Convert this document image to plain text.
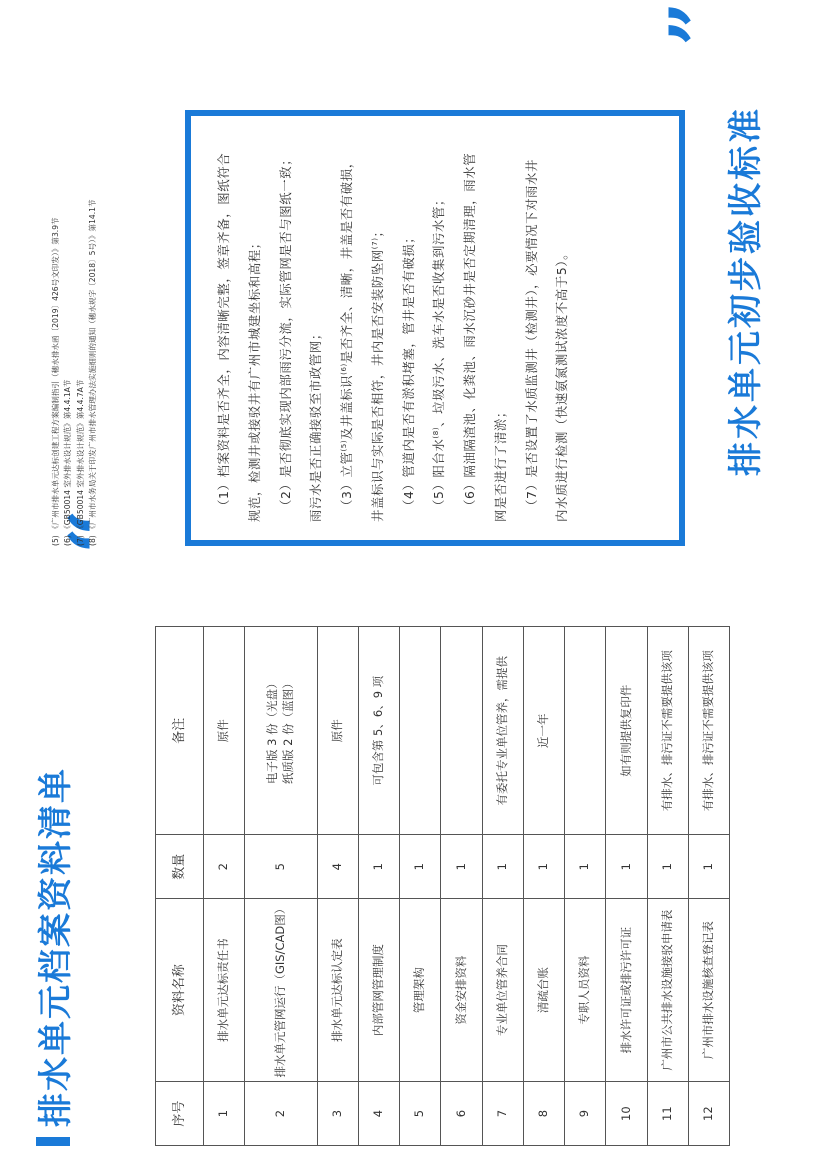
排水单元档案资料清单	序号	资料名称	数量	备注
1	排水单元达标责任书	2	原件

2	排水单元管网运行（GIS/CAD图）	5	电子版 3 份（光盘） 纸质版 2 份（蓝图）

3	排水单元达标认定表	4	原件

4	内部管网管理制度	1	可包含第 5、6、9 项

5	管理架构	1	

6	资金安排资料	1	

7	专业单位管养合同	1	有委托专业单位管养，需提供

8	清疏台账	1	近一年

9	专职人员资料	1	

10	排水许可证或排污许可证	1	如有则提供复印件

11	广州市公共排水设施接驳申请表	1	有排水、排污证不需要提供该项

12	广州市排水设施核查登记表	1	有排水、排污证不需要提供该项
“
排水单元初步验收标准
”

（1）档案资料是否齐全，内容清晰完整，签章齐备，图纸符合	规范，检测井或接驳井有广州市城建坐标和高程；	（2）是否彻底实现内部雨污分流，实际管网是否与图纸一致；	雨污水是否正确接驳至市政管网；	（3）立管$^{(5)}$及井盖标识$^{(6)}$是否齐全、清晰，井盖是否有破损，	井盖标识与实际是否相符，井内是否安装防坠网$^{(7)}$；	（4）管道内是否有淤积堵塞，管井是否有破损；	（5）阳台水$^{(8)}$、垃圾污水、洗车水是否收集到污水管；	（6）隔油隔渣池、化粪池、雨水沉砂井是否定期清理，雨水管	网是否进行了清淤；	（7）是否设置了水质监测井（检测井），必要情况下对雨水井	内水质进行检测（快速氨氮测试浓度不高于5）。

(5) 《广州市排水单元达标创建工程方案编制指引（穗水排水函〔2019〕426号文印发）》第3.9节 (6) 《GB50014 室外排水设计规范》第4.4.1A节 (7) 《GB50014 室外排水设计规范》第4.4.7A节 (8) 《广州市水务局关于印发广州市排水管理办法实施细则的通知（穗水规字〔2018〕5号）》第14.1节
